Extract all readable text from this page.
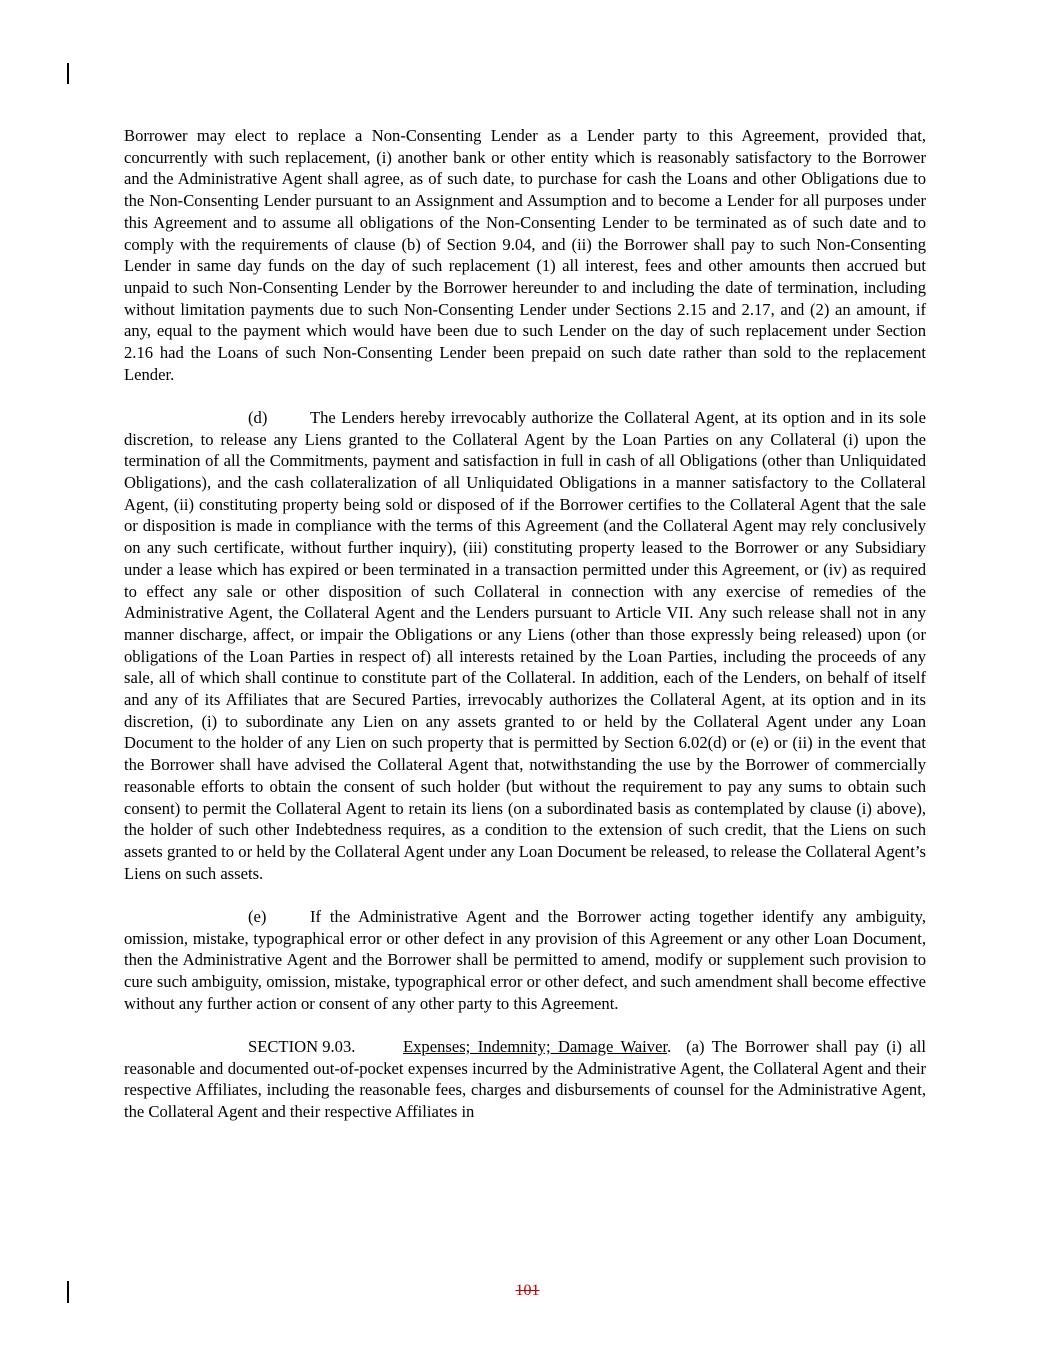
Borrower may elect to replace a Non-Consenting Lender as a Lender party to this Agreement, provided that, concurrently with such replacement, (i) another bank or other entity which is reasonably satisfactory to the Borrower and the Administrative Agent shall agree, as of such date, to purchase for cash the Loans and other Obligations due to the Non-Consenting Lender pursuant to an Assignment and Assumption and to become a Lender for all purposes under this Agreement and to assume all obligations of the Non-Consenting Lender to be terminated as of such date and to comply with the requirements of clause (b) of Section 9.04, and (ii) the Borrower shall pay to such Non-Consenting Lender in same day funds on the day of such replacement (1) all interest, fees and other amounts then accrued but unpaid to such Non-Consenting Lender by the Borrower hereunder to and including the date of termination, including without limitation payments due to such Non-Consenting Lender under Sections 2.15 and 2.17, and (2) an amount, if any, equal to the payment which would have been due to such Lender on the day of such replacement under Section 2.16 had the Loans of such Non-Consenting Lender been prepaid on such date rather than sold to the replacement Lender.

(d)	The Lenders hereby irrevocably authorize the Collateral Agent, at its option and in its sole discretion, to release any Liens granted to the Collateral Agent by the Loan Parties on any Collateral (i) upon the termination of all the Commitments, payment and satisfaction in full in cash of all Obligations (other than Unliquidated Obligations), and the cash collateralization of all Unliquidated Obligations in a manner satisfactory to the Collateral Agent, (ii) constituting property being sold or disposed of if the Borrower certifies to the Collateral Agent that the sale or disposition is made in compliance with the terms of this Agreement (and the Collateral Agent may rely conclusively on any such certificate, without further inquiry), (iii) constituting property leased to the Borrower or any Subsidiary under a lease which has expired or been terminated in a transaction permitted under this Agreement, or (iv) as required to effect any sale or other disposition of such Collateral in connection with any exercise of remedies of the Administrative Agent, the Collateral Agent and the Lenders pursuant to Article VII. Any such release shall not in any manner discharge, affect, or impair the Obligations or any Liens (other than those expressly being released) upon (or obligations of the Loan Parties in respect of) all interests retained by the Loan Parties, including the proceeds of any sale, all of which shall continue to constitute part of the Collateral. In addition, each of the Lenders, on behalf of itself and any of its Affiliates that are Secured Parties, irrevocably authorizes the Collateral Agent, at its option and in its discretion, (i) to subordinate any Lien on any assets granted to or held by the Collateral Agent under any Loan Document to the holder of any Lien on such property that is permitted by Section 6.02(d) or (e) or (ii) in the event that the Borrower shall have advised the Collateral Agent that, notwithstanding the use by the Borrower of commercially reasonable efforts to obtain the consent of such holder (but without the requirement to pay any sums to obtain such consent) to permit the Collateral Agent to retain its liens (on a subordinated basis as contemplated by clause (i) above), the holder of such other Indebtedness requires, as a condition to the extension of such credit, that the Liens on such assets granted to or held by the Collateral Agent under any Loan Document be released, to release the Collateral Agent’s Liens on such assets.

(e)	If the Administrative Agent and the Borrower acting together identify any ambiguity, omission, mistake, typographical error or other defect in any provision of this Agreement or any other Loan Document, then the Administrative Agent and the Borrower shall be permitted to amend, modify or supplement such provision to cure such ambiguity, omission, mistake, typographical error or other defect, and such amendment shall become effective without any further action or consent of any other party to this Agreement.

SECTION 9.03.	Expenses; Indemnity; Damage Waiver. (a) The Borrower shall pay (i) all reasonable and documented out-of-pocket expenses incurred by the Administrative Agent, the Collateral Agent and their respective Affiliates, including the reasonable fees, charges and disbursements of counsel for the Administrative Agent, the Collateral Agent and their respective Affiliates in

101
